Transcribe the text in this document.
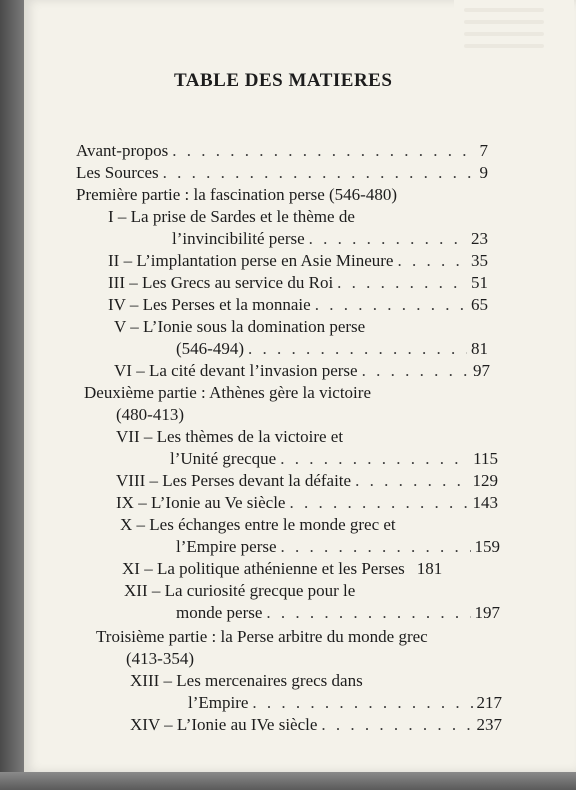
TABLE DES MATIERES
Avant-propos . . .	7
Les Sources . . .	9
Première partie : la fascination perse (546-480)
I – La prise de Sardes et le thème de
l’invincibilité perse . . .	23
II – L’implantation perse en Asie Mineure . . .	35
III – Les Grecs au service du Roi . . .	51
IV – Les Perses et la monnaie . . .	65
V – L’Ionie sous la domination perse
(546-494) . . .	81
VI – La cité devant l’invasion perse . . .	97
Deuxième partie : Athènes gère la victoire
(480-413)
VII – Les thèmes de la victoire et
l’Unité grecque . . .	115
VIII – Les Perses devant la défaite . . .	129
IX – L’Ionie au Ve siècle . . .	143
X – Les échanges entre le monde grec et
l’Empire perse . . .	159
XI – La politique athénienne et les Perses 181
XII – La curiosité grecque pour le
monde perse . . .	197
Troisième partie : la Perse arbitre du monde grec
(413-354)
XIII – Les mercenaires grecs dans
l’Empire . . .	217
XIV – L’Ionie au IVe siècle . . .	237
